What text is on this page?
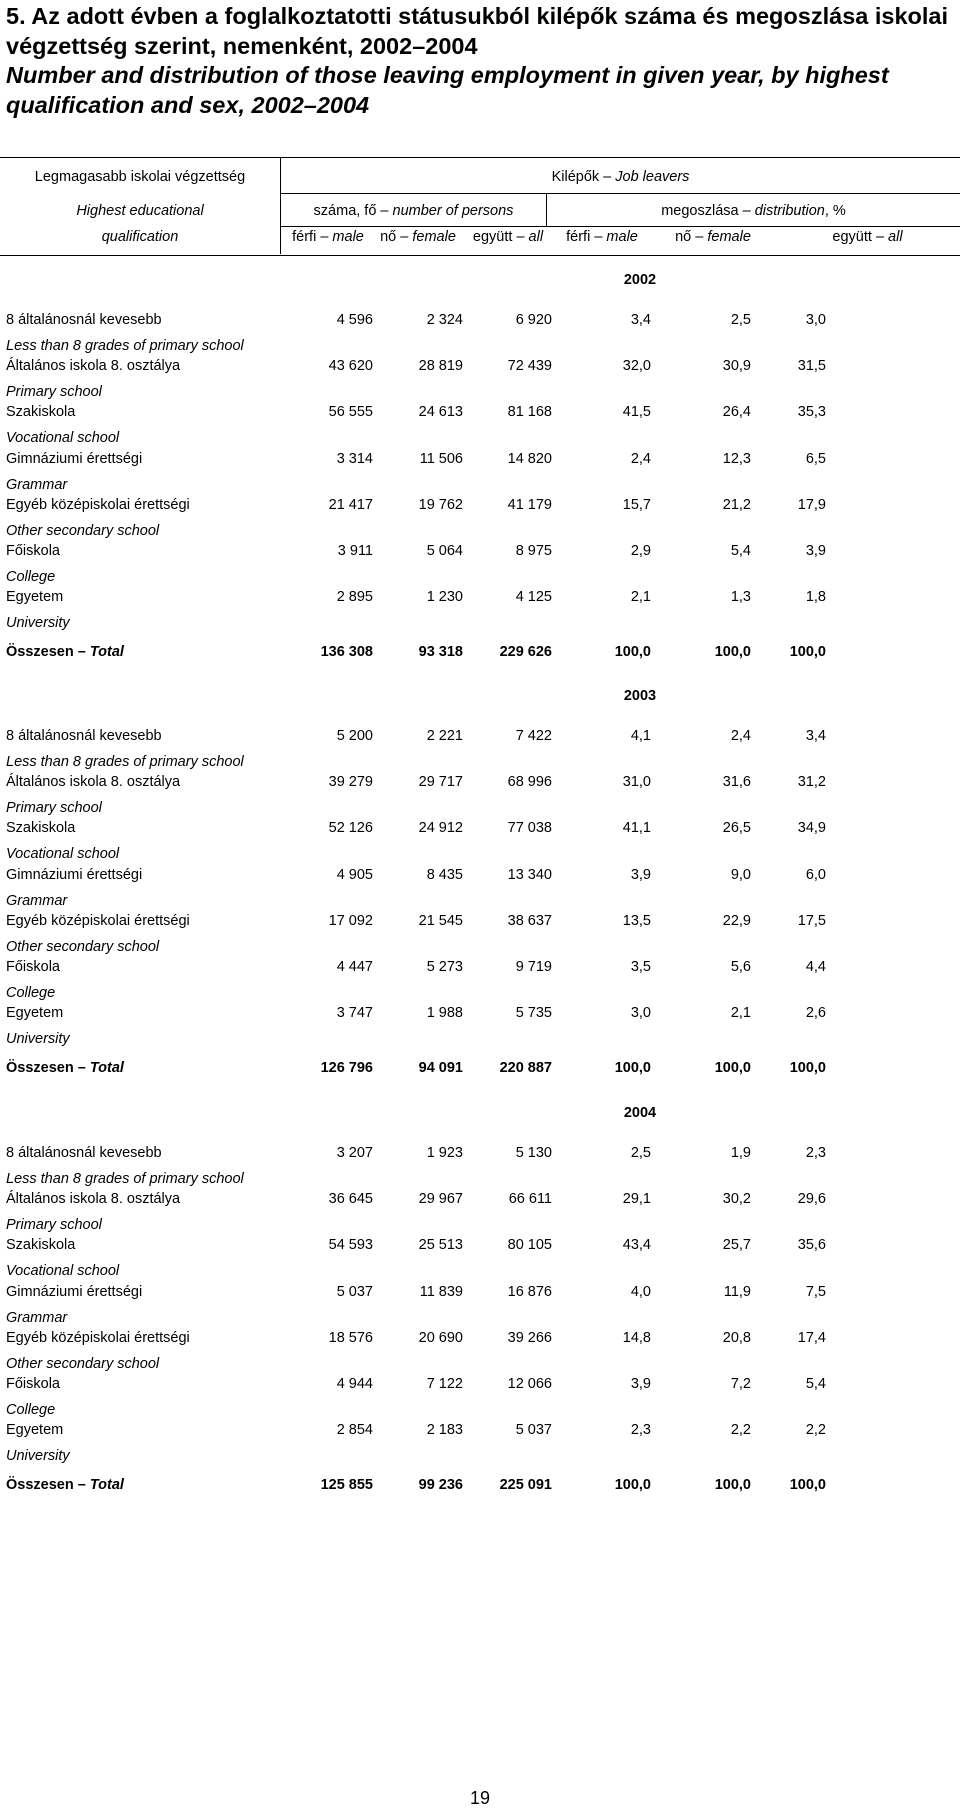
5. Az adott évben a foglalkoztatotti státusukból kilépők száma és megoszlása iskolai végzettség szerint, nemenként, 2002–2004
Number and distribution of those leaving employment in given year, by highest qualification and sex, 2002–2004
Legmagasabb iskolai végzettség
Highest educational
qualification
Kilépők – Job leavers
száma, fő – number of persons	megoszlása – distribution, %
férfi – male	nő – female	együtt – all	férfi – male	nő – female	együtt – all
2002
8 általánosnál kevesebb	4 596	2 324	6 920	3,4	2,5	3,0
Less than 8 grades of primary school
Általános iskola 8. osztálya	43 620	28 819	72 439	32,0	30,9	31,5
Primary school
Szakiskola	56 555	24 613	81 168	41,5	26,4	35,3
Vocational school
Gimnáziumi érettségi	3 314	11 506	14 820	2,4	12,3	6,5
Grammar
Egyéb középiskolai érettségi	21 417	19 762	41 179	15,7	21,2	17,9
Other secondary school
Főiskola	3 911	5 064	8 975	2,9	5,4	3,9
College
Egyetem	2 895	1 230	4 125	2,1	1,3	1,8
University
Összesen – Total	136 308	93 318	229 626	100,0	100,0	100,0
2003
8 általánosnál kevesebb	5 200	2 221	7 422	4,1	2,4	3,4
Less than 8 grades of primary school
Általános iskola 8. osztálya	39 279	29 717	68 996	31,0	31,6	31,2
Primary school
Szakiskola	52 126	24 912	77 038	41,1	26,5	34,9
Vocational school
Gimnáziumi érettségi	4 905	8 435	13 340	3,9	9,0	6,0
Grammar
Egyéb középiskolai érettségi	17 092	21 545	38 637	13,5	22,9	17,5
Other secondary school
Főiskola	4 447	5 273	9 719	3,5	5,6	4,4
College
Egyetem	3 747	1 988	5 735	3,0	2,1	2,6
University
Összesen – Total	126 796	94 091	220 887	100,0	100,0	100,0
2004
8 általánosnál kevesebb	3 207	1 923	5 130	2,5	1,9	2,3
Less than 8 grades of primary school
Általános iskola 8. osztálya	36 645	29 967	66 611	29,1	30,2	29,6
Primary school
Szakiskola	54 593	25 513	80 105	43,4	25,7	35,6
Vocational school
Gimnáziumi érettségi	5 037	11 839	16 876	4,0	11,9	7,5
Grammar
Egyéb középiskolai érettségi	18 576	20 690	39 266	14,8	20,8	17,4
Other secondary school
Főiskola	4 944	7 122	12 066	3,9	7,2	5,4
College
Egyetem	2 854	2 183	5 037	2,3	2,2	2,2
University
Összesen – Total	125 855	99 236	225 091	100,0	100,0	100,0
19
